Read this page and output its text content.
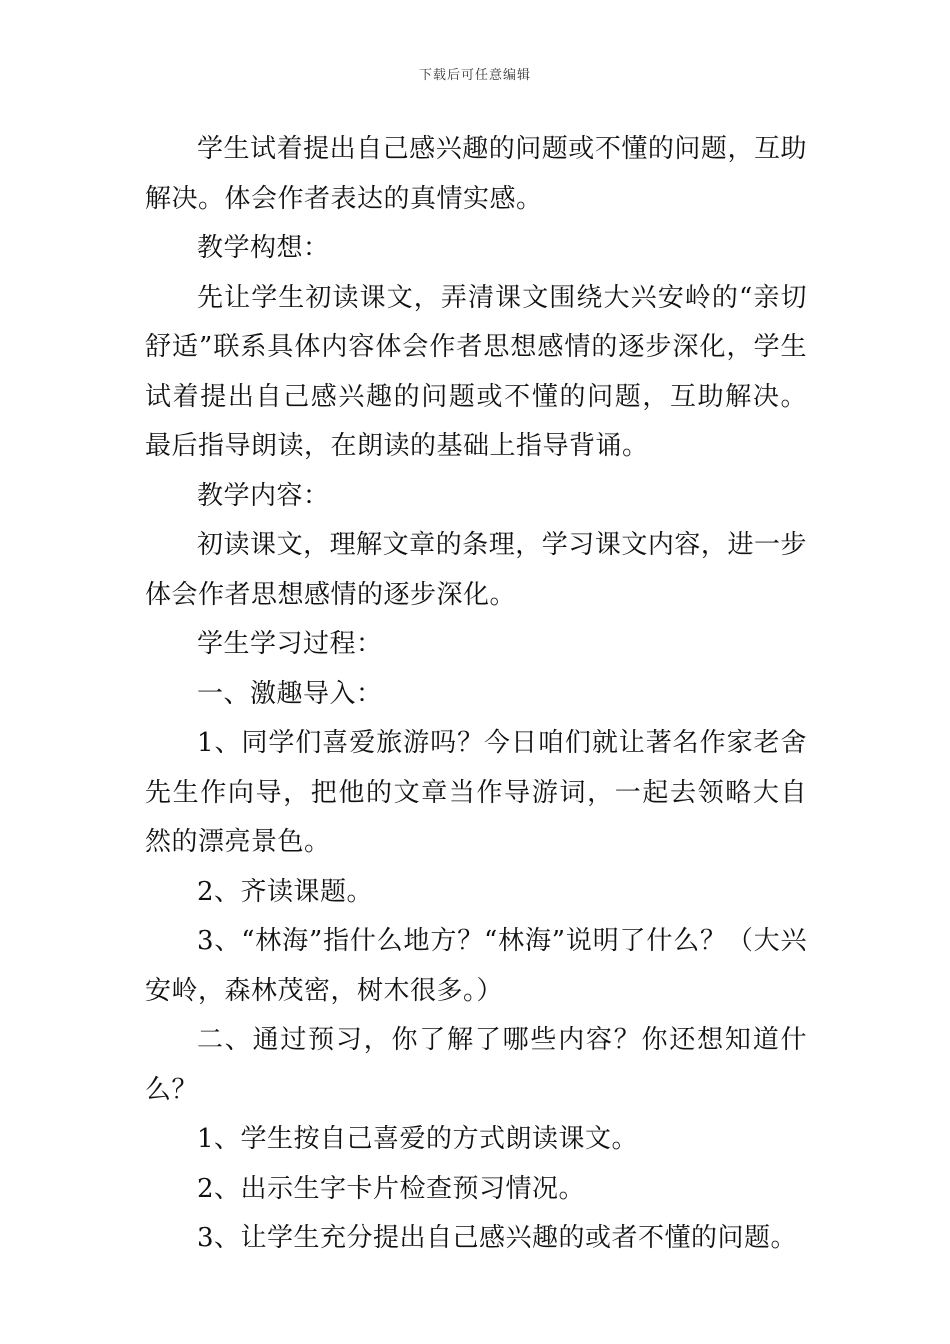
下载后可任意编辑

学生试着提出自己感兴趣的问题或不懂的问题，互助解决。体会作者表达的真情实感。

教学构想：

先让学生初读课文，弄清课文围绕大兴安岭的“亲切舒适”联系具体内容体会作者思想感情的逐步深化，学生试着提出自己感兴趣的问题或不懂的问题，互助解决。最后指导朗读，在朗读的基础上指导背诵。

教学内容：

初读课文，理解文章的条理，学习课文内容，进一步体会作者思想感情的逐步深化。

学生学习过程：

一、激趣导入：

1、同学们喜爱旅游吗？今日咱们就让著名作家老舍先生作向导，把他的文章当作导游词，一起去领略大自然的漂亮景色。

2、齐读课题。

3、“林海”指什么地方？“林海”说明了什么？（大兴安岭，森林茂密，树木很多。）

二、通过预习，你了解了哪些内容？你还想知道什么？

1、学生按自己喜爱的方式朗读课文。

2、出示生字卡片检查预习情况。

3、让学生充分提出自己感兴趣的或者不懂的问题。
